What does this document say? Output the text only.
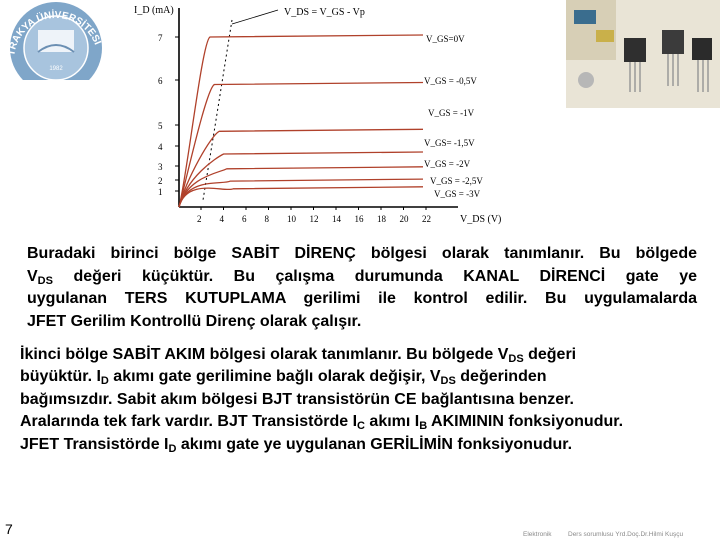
TRAKYA ÜNİVERSİTESİ
1982
I_D (mA)
V_DS (V)
V_DS = V_GS - Vp
7
6
5
4
3
2
1
2 4 6 8 10 12 14 16 18 20 22
V_GS=0V
V_GS = -0,5V
V_GS = -1V
V_GS= -1,5V
V_GS = -2V
V_GS = -2,5V
V_GS = -3V
Buradaki birinci bölge SABİT DİRENÇ bölgesi olarak tanımlanır. Bu bölgede
$V_{DS}$ değeri küçüktür. Bu çalışma durumunda KANAL DİRENCİ gate ye
uygulanan TERS KUTUPLAMA gerilimi ile kontrol edilir. Bu uygulamalarda
JFET Gerilim Kontrollü Direnç olarak çalışır.
İkinci bölge SABİT AKIM bölgesi olarak tanımlanır. Bu bölgede $V_{DS}$ değeri
büyüktür. $I_D$ akımı gate gerilimine bağlı olarak değişir, $V_{DS}$ değerinden
bağımsızdır. Sabit akım bölgesi BJT transistörün CE bağlantısına benzer.
Aralarında tek fark vardır. BJT Transistörde $I_C$ akımı $I_B$ AKIMININ fonksiyonudur.
JFET Transistörde $I_D$ akımı gate ye uygulanan GERİLİMİN fonksiyonudur.
7	Elektronik	Ders sorumlusu Yrd.Doç.Dr.Hilmi Kuşçu
